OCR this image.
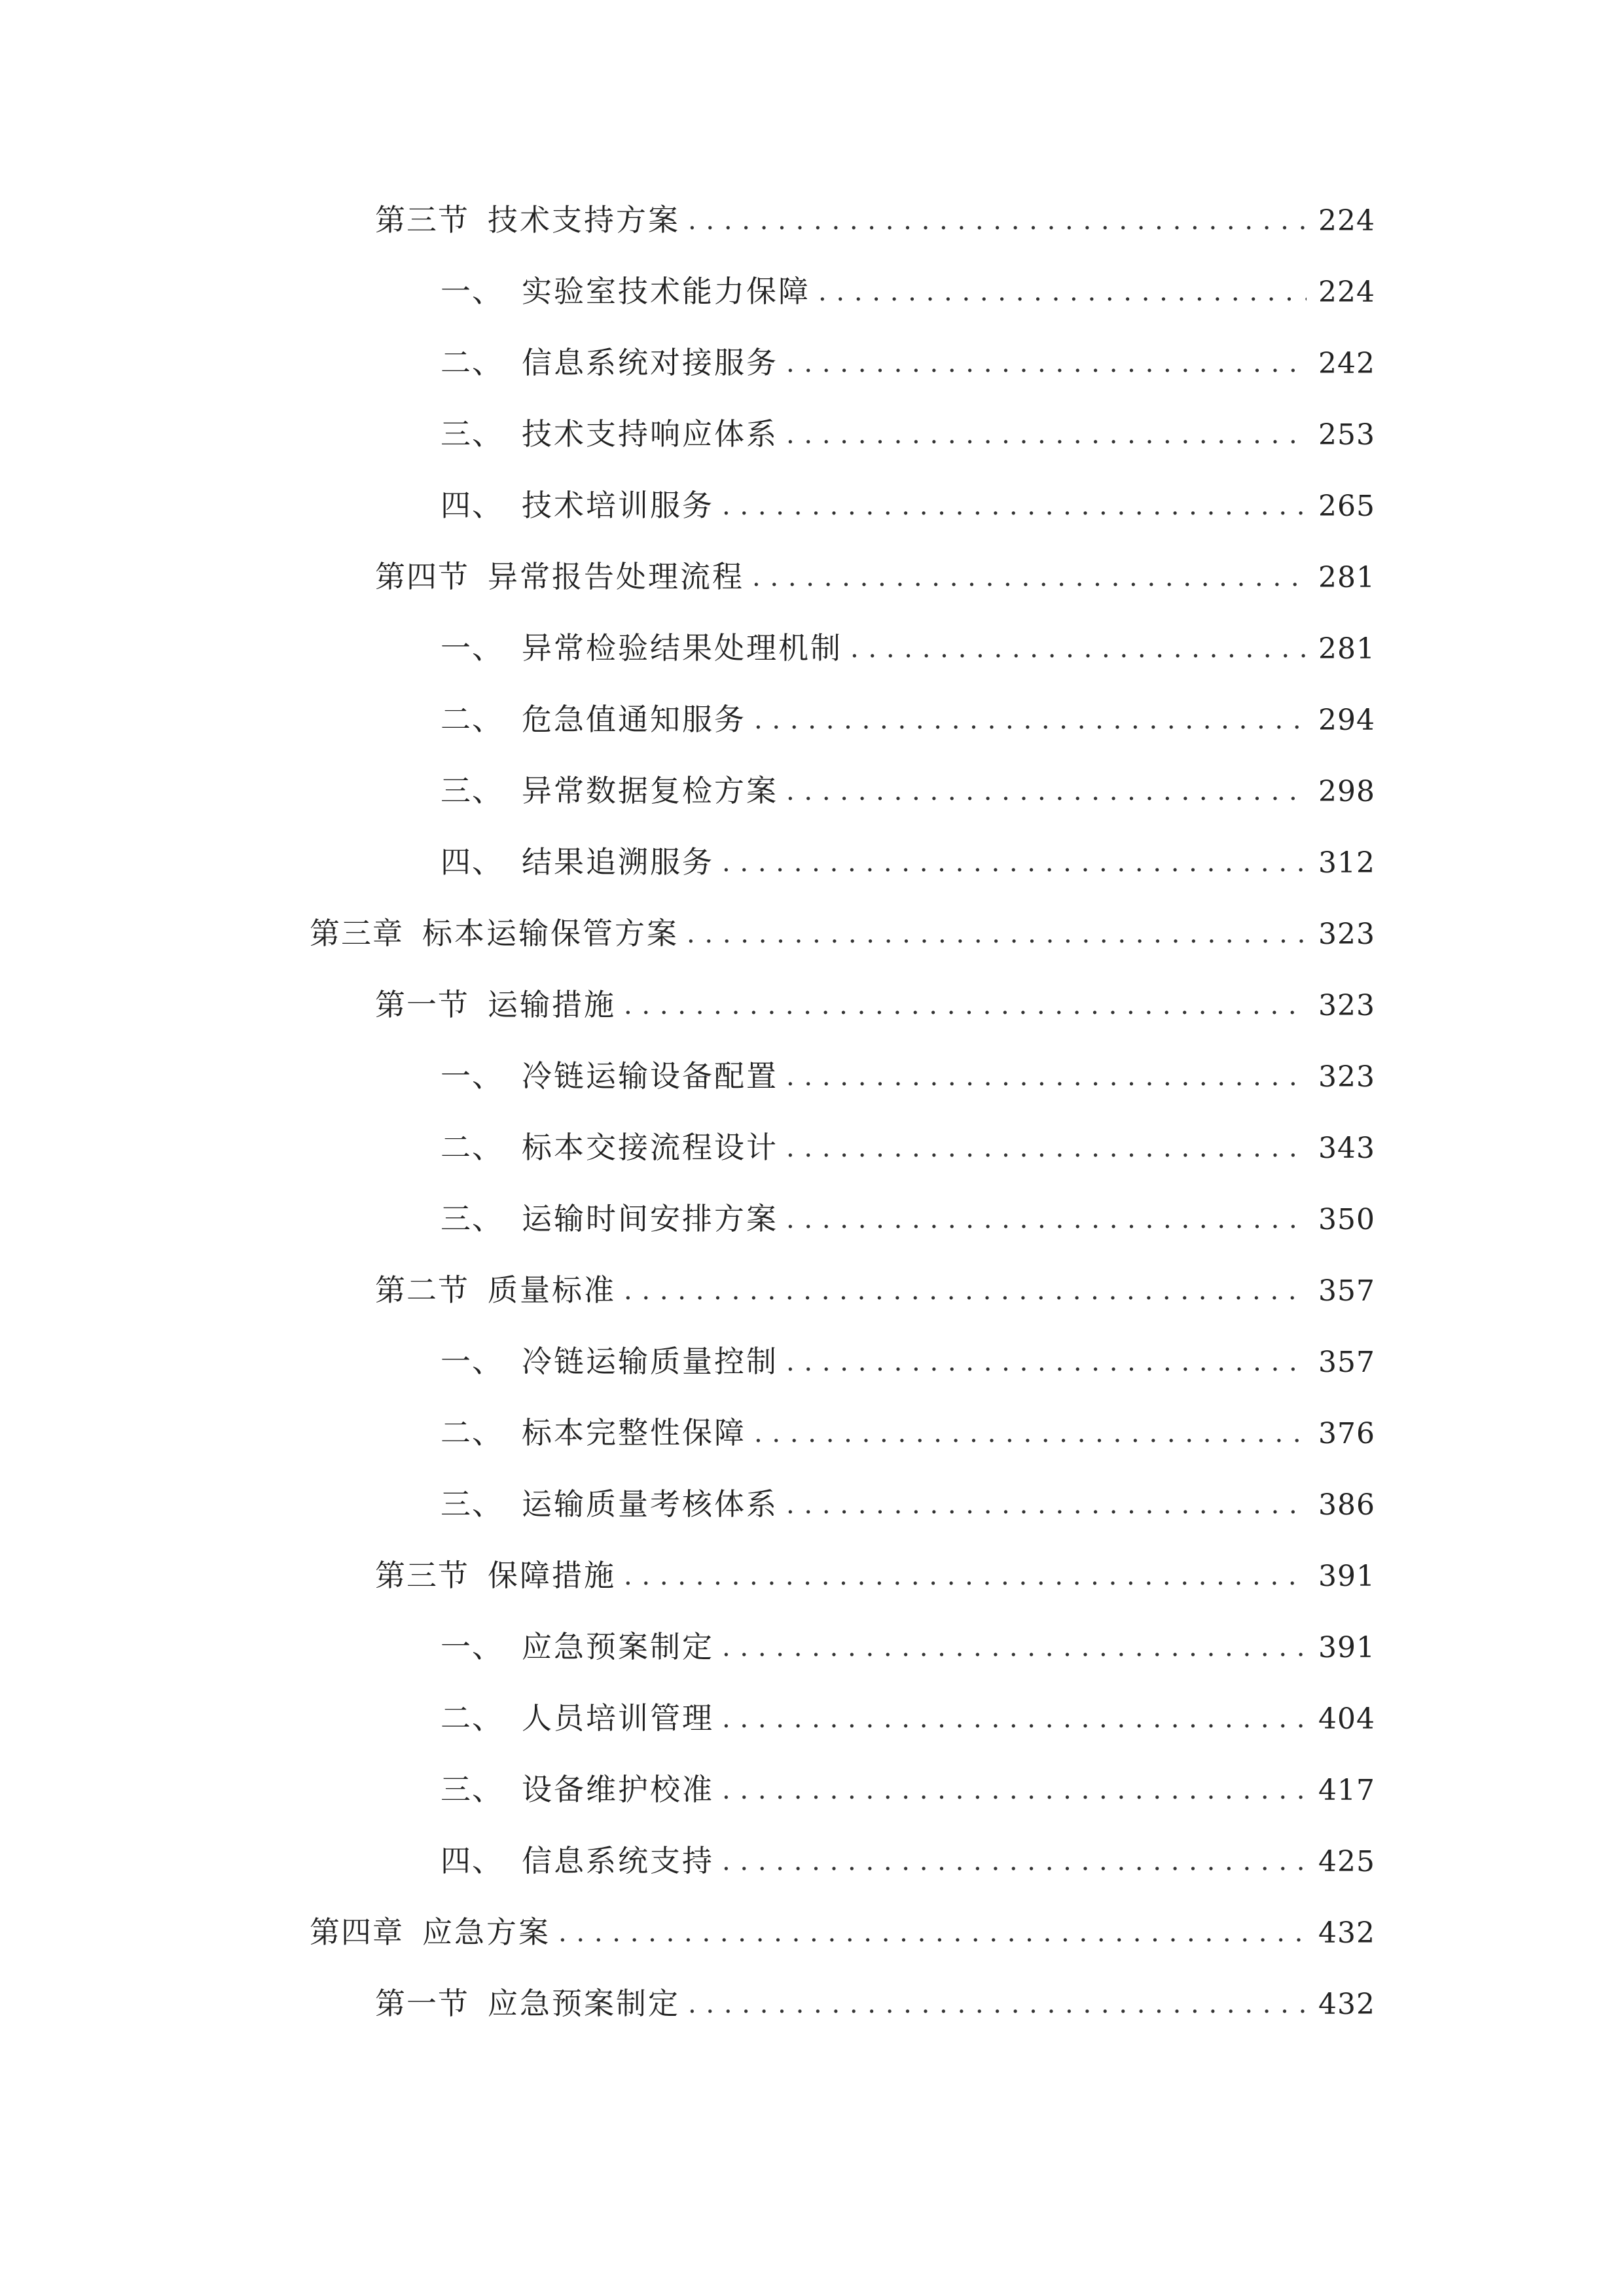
第三节 技术支持方案 . . .	224
一、 实验室技术能力保障 . . .	224
二、 信息系统对接服务 . . .	242
三、 技术支持响应体系 . . .	253
四、 技术培训服务 . . .	265
第四节 异常报告处理流程 . . .	281
一、 异常检验结果处理机制 . . .	281
二、 危急值通知服务 . . .	294
三、 异常数据复检方案 . . .	298
四、 结果追溯服务 . . .	312
第三章 标本运输保管方案 . . .	323
第一节 运输措施 . . .	323
一、 冷链运输设备配置 . . .	323
二、 标本交接流程设计 . . .	343
三、 运输时间安排方案 . . .	350
第二节 质量标准 . . .	357
一、 冷链运输质量控制 . . .	357
二、 标本完整性保障 . . .	376
三、 运输质量考核体系 . . .	386
第三节 保障措施 . . .	391
一、 应急预案制定 . . .	391
二、 人员培训管理 . . .	404
三、 设备维护校准 . . .	417
四、 信息系统支持 . . .	425
第四章 应急方案 . . .	432
第一节 应急预案制定 . . .	432
